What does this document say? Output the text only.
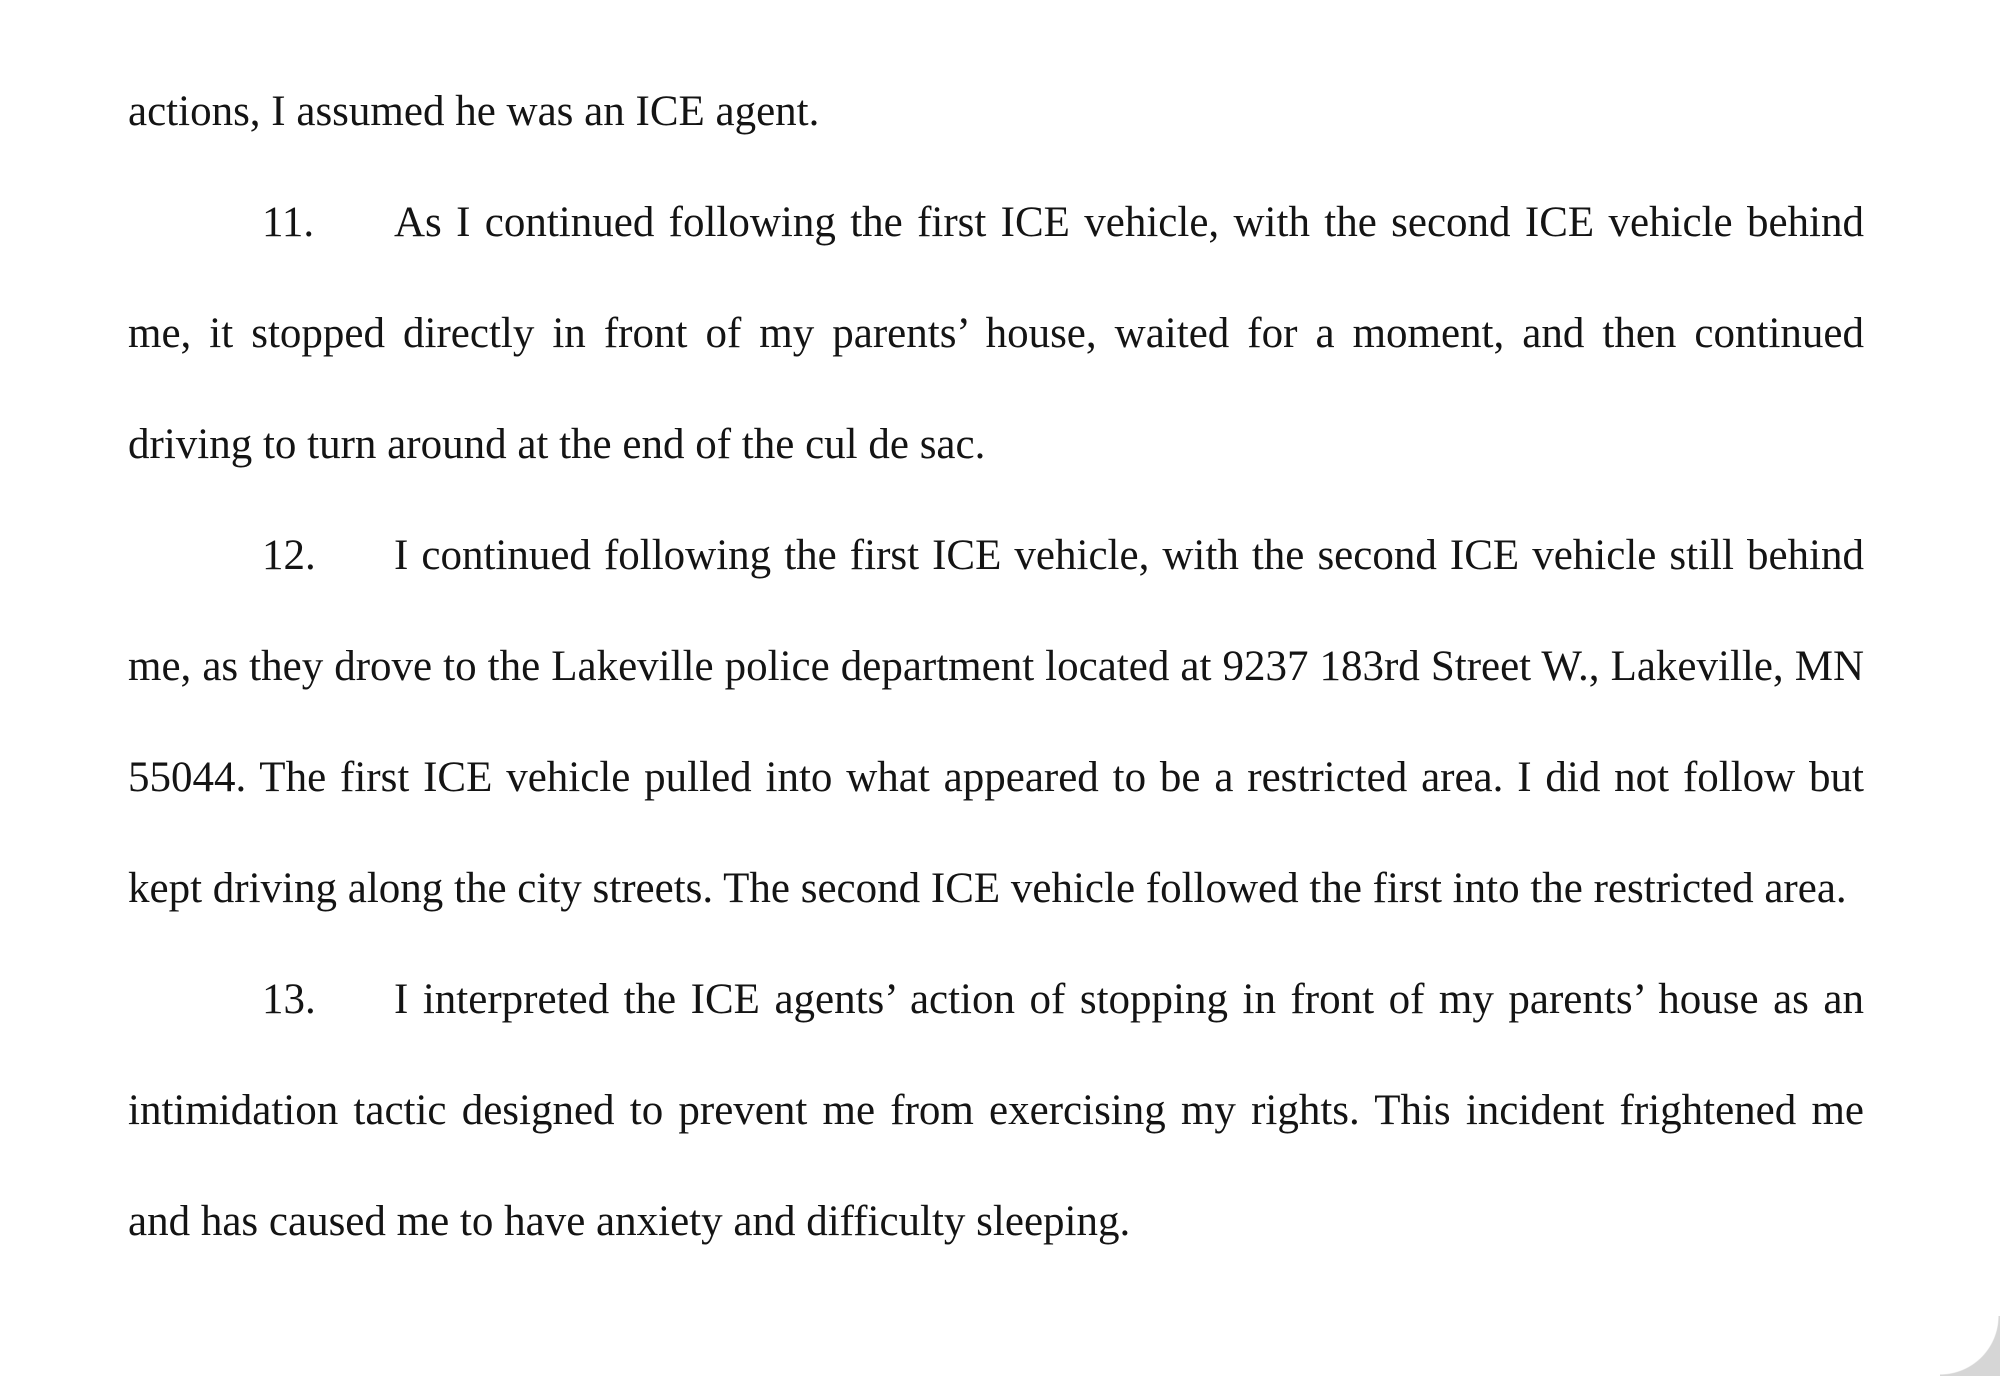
actions, I assumed he was an ICE agent.

11. As I continued following the first ICE vehicle, with the second ICE vehicle behind me, it stopped directly in front of my parents’ house, waited for a moment, and then continued driving to turn around at the end of the cul de sac.

12. I continued following the first ICE vehicle, with the second ICE vehicle still behind me, as they drove to the Lakeville police department located at 9237 183rd Street W., Lakeville, MN 55044. The first ICE vehicle pulled into what appeared to be a restricted area. I did not follow but kept driving along the city streets. The second ICE vehicle followed the first into the restricted area.

13. I interpreted the ICE agents’ action of stopping in front of my parents’ house as an intimidation tactic designed to prevent me from exercising my rights. This incident frightened me and has caused me to have anxiety and difficulty sleeping.
